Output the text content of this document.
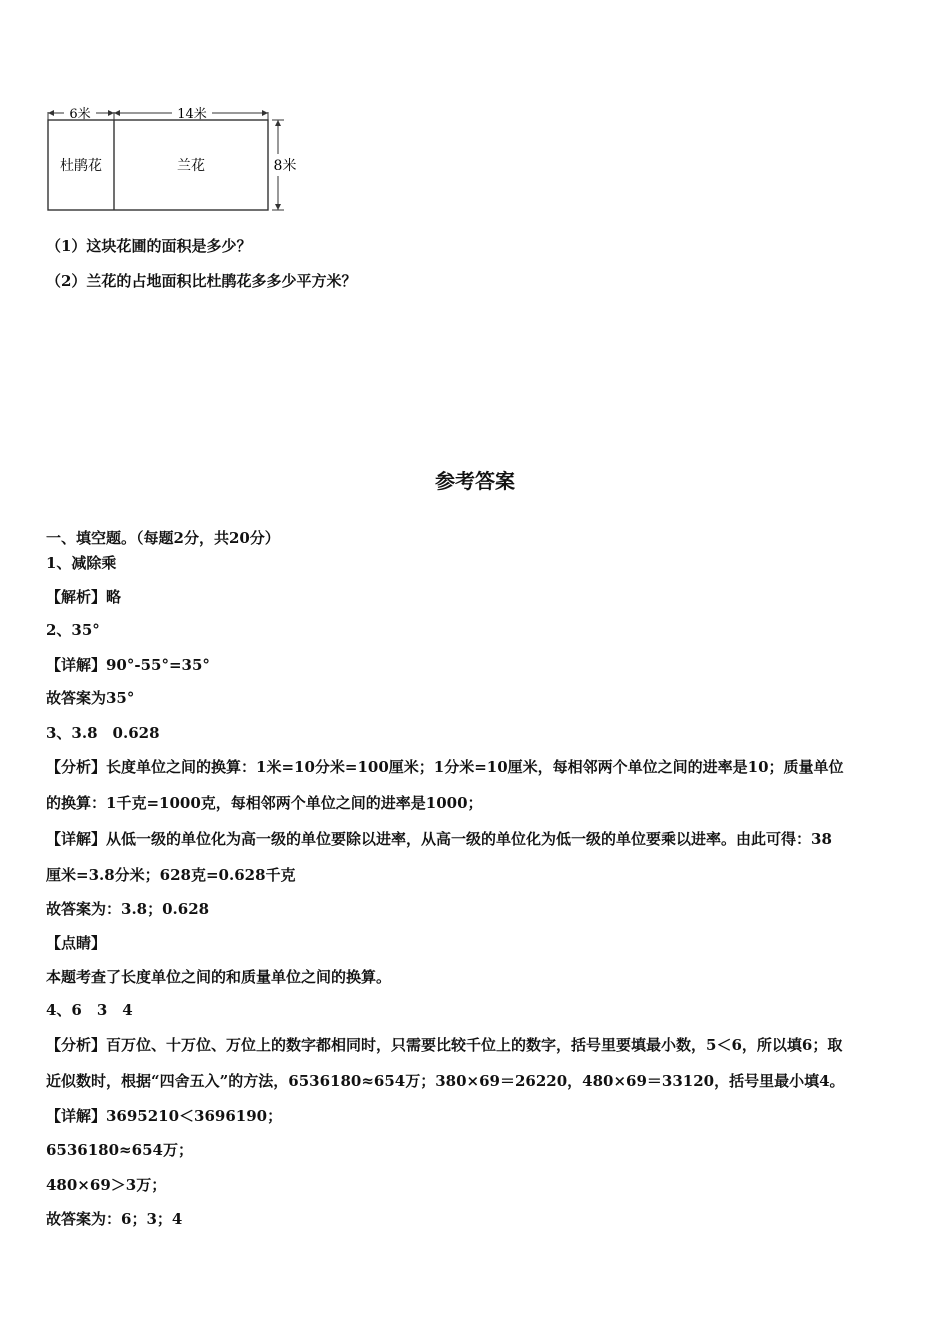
6米	14米
杜鹃花	兰花	8米
（1）这块花圃的面积是多少？
（2）兰花的占地面积比杜鹃花多多少平方米？
参考答案
一、填空题。（每题2分，共20分）
1、减除乘
【解析】略
2、35°
【详解】90°-55°=35°
故答案为35°
3、3.8　0.628
【分析】长度单位之间的换算：1米=10分米=100厘米；1分米=10厘米，每相邻两个单位之间的进率是10；质量单位
的换算：1千克=1000克，每相邻两个单位之间的进率是1000；
【详解】从低一级的单位化为高一级的单位要除以进率，从高一级的单位化为低一级的单位要乘以进率。由此可得：38
厘米=3.8分米；628克=0.628千克
故答案为：3.8；0.628
【点睛】
本题考查了长度单位之间的和质量单位之间的换算。
4、6　3　4
【分析】百万位、十万位、万位上的数字都相同时，只需要比较千位上的数字，括号里要填最小数，5＜6，所以填6；取
近似数时，根据“四舍五入”的方法，6536180≈654万；380×69＝26220，480×69＝33120，括号里最小填4。
【详解】3695210＜3696190；
6536180≈654万；
480×69＞3万；
故答案为：6；3；4
